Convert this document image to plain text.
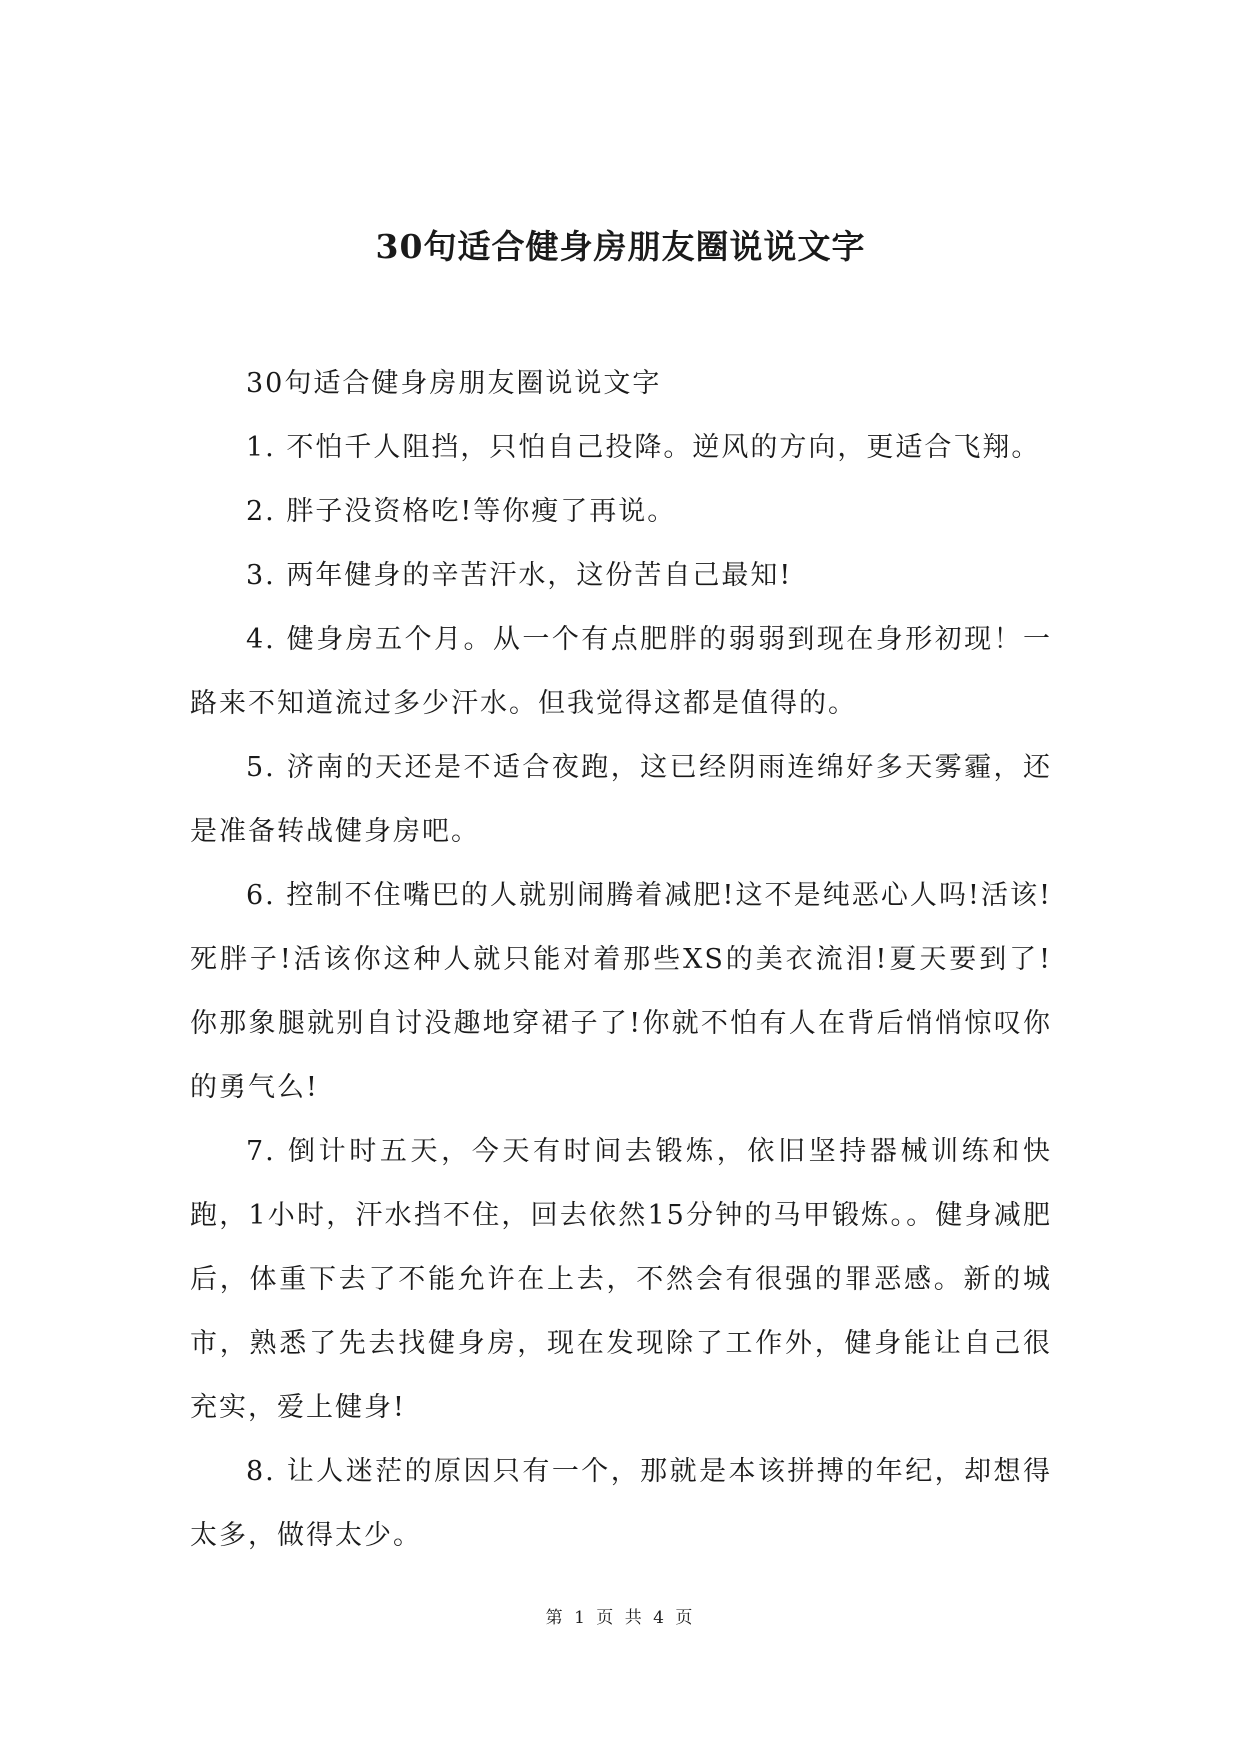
30句适合健身房朋友圈说说文字

30句适合健身房朋友圈说说文字

1. 不怕千人阻挡，只怕自己投降。逆风的方向，更适合飞翔。

2. 胖子没资格吃!等你瘦了再说。

3. 两年健身的辛苦汗水，这份苦自己最知!

4. 健身房五个月。从一个有点肥胖的弱弱到现在身形初现！一路来不知道流过多少汗水。但我觉得这都是值得的。

5. 济南的天还是不适合夜跑，这已经阴雨连绵好多天雾霾，还是准备转战健身房吧。

6. 控制不住嘴巴的人就别闹腾着减肥!这不是纯恶心人吗!活该!死胖子!活该你这种人就只能对着那些XS的美衣流泪!夏天要到了!你那象腿就别自讨没趣地穿裙子了!你就不怕有人在背后悄悄惊叹你的勇气么!

7. 倒计时五天，今天有时间去锻炼，依旧坚持器械训练和快跑，1小时，汗水挡不住，回去依然15分钟的马甲锻炼。。健身减肥后，体重下去了不能允许在上去，不然会有很强的罪恶感。新的城市，熟悉了先去找健身房，现在发现除了工作外，健身能让自己很充实，爱上健身!

8. 让人迷茫的原因只有一个，那就是本该拼搏的年纪，却想得太多，做得太少。

第 1 页 共 4 页
